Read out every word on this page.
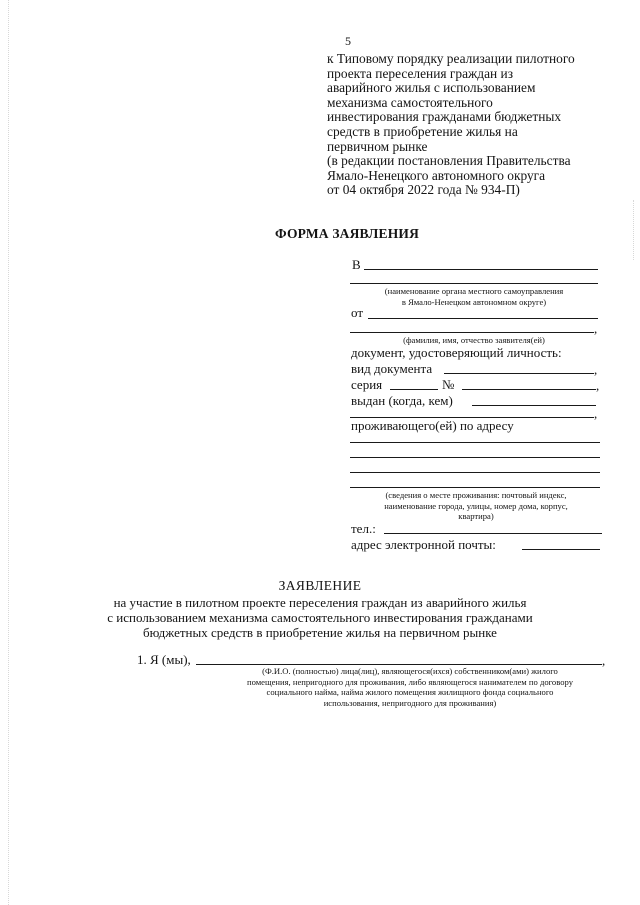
5
к Типовому порядку реализации пилотного
проекта переселения граждан из
аварийного жилья с использованием
механизма самостоятельного
инвестирования гражданами бюджетных
средств в приобретение жилья на
первичном рынке
(в редакции постановления Правительства
Ямало-Ненецкого автономного округа
от 04 октября 2022 года № 934-П)
ФОРМА ЗАЯВЛЕНИЯ
В
(наименование органа местного самоуправления
в Ямало-Ненецком автономном округе)
от
,
(фамилия, имя, отчество заявителя(ей)
документ, удостоверяющий личность:
вид документа	,
серия	№	,
выдан (когда, кем)
,
проживающего(ей) по адресу
(сведения о месте проживания: почтовый индекс,
наименование города, улицы, номер дома, корпус,
квартира)
тел.:
адрес электронной почты:
ЗАЯВЛЕНИЕ
на участие в пилотном проекте переселения граждан из аварийного жилья
с использованием механизма самостоятельного инвестирования гражданами
бюджетных средств в приобретение жилья на первичном рынке
1. Я (мы),	,
(Ф.И.О. (полностью) лица(лиц), являющегося(ихся) собственником(ами) жилого
помещения, непригодного для проживания, либо являющегося нанимателем по договору
социального найма, найма жилого помещения жилищного фонда социального
использования, непригодного для проживания)
